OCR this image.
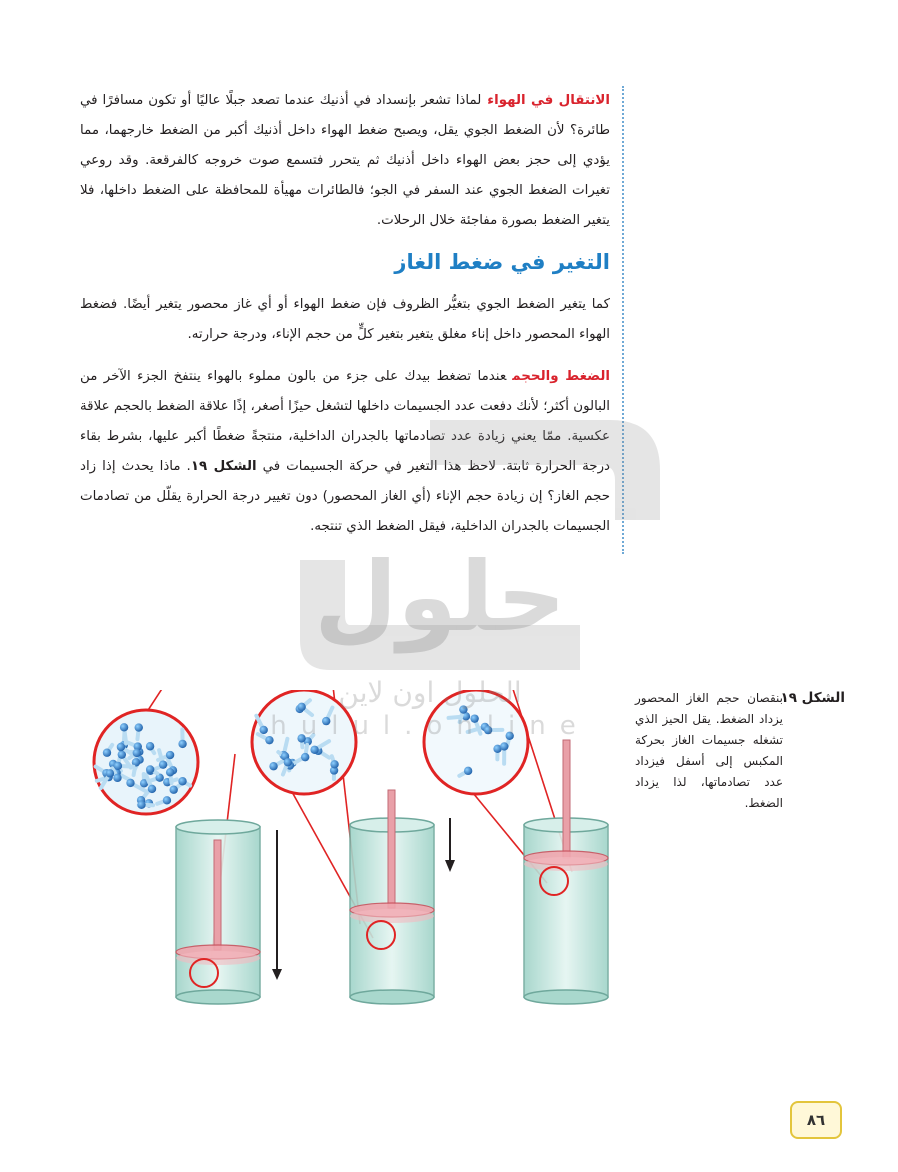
الانتقال في الهواءلماذا تشعر بإنسداد في أذنيك عندما تصعد جبلًا عاليًا أو تكون مسافرًا في طائرة؟ لأن الضغط الجوي يقل، ويصبح ضغط الهواء داخل أذنيك أكبر من الضغط خارجهما، مما يؤدي إلى حجز بعض الهواء داخل أذنيك ثم يتحرر فتسمع صوت خروجه كالفرقعة. وقد روعي تغيرات الضغط الجوي عند السفر في الجو؛ فالطائرات مهيأة للمحافظة على الضغط داخلها، فلا يتغير الضغط بصورة مفاجئة خلال الرحلات.

التغير في ضغط الغاز

كما يتغير الضغط الجوي بتغيُّر الظروف فإن ضغط الهواء أو أي غاز محصور يتغير أيضًا. فضغط الهواء المحصور داخل إناء مغلق يتغير بتغير كلٍّ من حجم الإناء، ودرجة حرارته.

الضغط والحجمعندما تضغط بيدك على جزء من بالون مملوء بالهواء ينتفخ الجزء الآخر من البالون أكثر؛ لأنك دفعت عدد الجسيمات داخلها لتشغل حيزًا أصغر، إذًا علاقة الضغط بالحجم علاقة عكسية. ممّا يعني زيادة عدد تصادماتها بالجدران الداخلية، منتجةً ضغطًا أكبر عليها، بشرط بقاء درجة الحرارة ثابتة. لاحظ هذا التغير في حركة الجسيمات في الشكل ١٩. ماذا يحدث إذا زاد حجم الغاز؟ إن زيادة حجم الإناء (أي الغاز المحصور) دون تغيير درجة الحرارة يقلّل من تصادمات الجسيمات بالجدران الداخلية، فيقل الضغط الذي تنتجه.

الشكل ١٩
بنقصان حجم الغاز المحصور يزداد الضغط. يقل الحيز الذي تشغله جسيمات الغاز بحركة المكبس إلى أسفل فيزداد عدد تصادماتها، لذا يزداد الضغط.
حلول
الحلول اون لاين
hulul.online
٨٦
